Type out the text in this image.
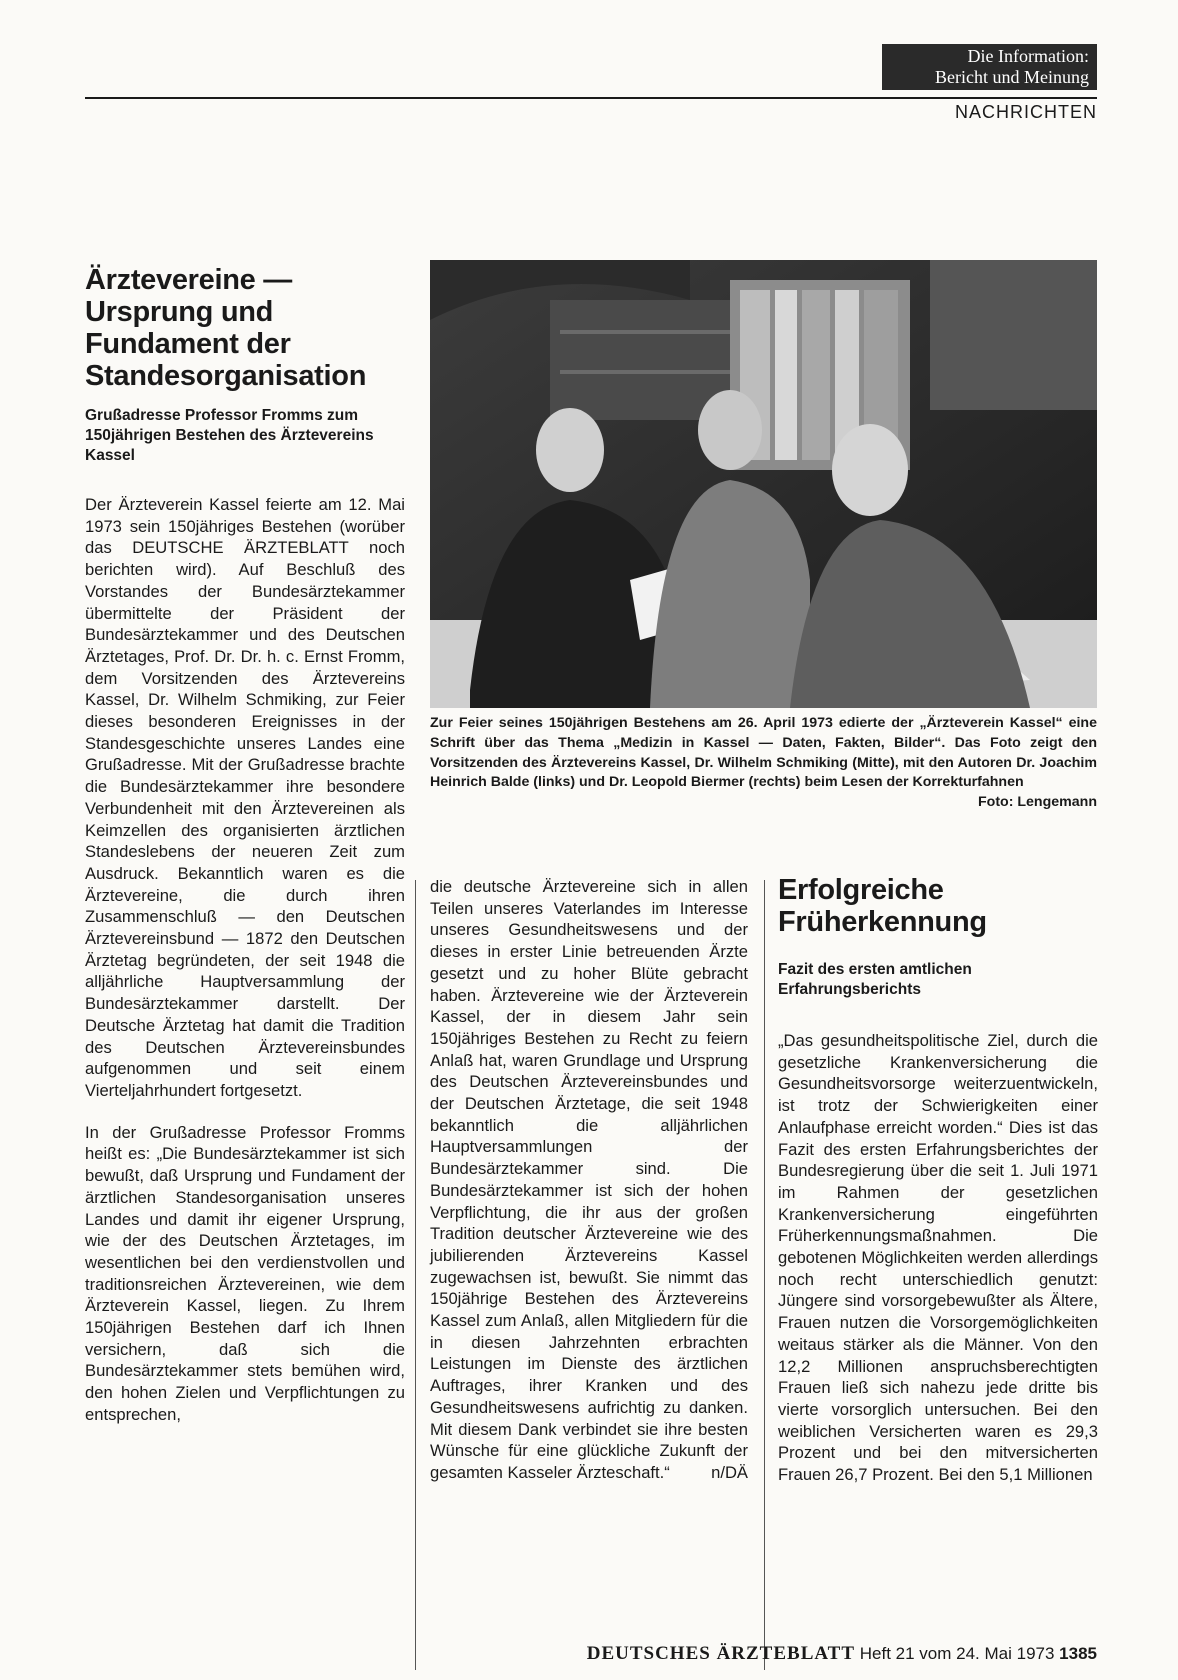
Die Information:
Bericht und Meinung
NACHRICHTEN
Ärztevereine — Ursprung und Fundament der Standesorganisation
Grußadresse Professor Fromms zum 150jährigen Bestehen des Ärztevereins Kassel

Der Ärzteverein Kassel feierte am 12. Mai 1973 sein 150jähriges Bestehen (worüber das DEUTSCHE ÄRZTEBLATT noch berichten wird). Auf Beschluß des Vorstandes der Bundesärztekammer übermittelte der Präsident der Bundesärztekammer und des Deutschen Ärztetages, Prof. Dr. Dr. h. c. Ernst Fromm, dem Vorsitzenden des Ärztevereins Kassel, Dr. Wilhelm Schmiking, zur Feier dieses besonderen Ereignisses in der Standesgeschichte unseres Landes eine Grußadresse. Mit der Grußadresse brachte die Bundesärztekammer ihre besondere Verbundenheit mit den Ärztevereinen als Keimzellen des organisierten ärztlichen Standeslebens der neueren Zeit zum Ausdruck. Bekanntlich waren es die Ärztevereine, die durch ihren Zusammenschluß — den Deutschen Ärztevereinsbund — 1872 den Deutschen Ärztetag begründeten, der seit 1948 die alljährliche Hauptversammlung der Bundesärztekammer darstellt. Der Deutsche Ärztetag hat damit die Tradition des Deutschen Ärztevereinsbundes aufgenommen und seit einem Vierteljahrhundert fortgesetzt.

In der Grußadresse Professor Fromms heißt es: „Die Bundesärztekammer ist sich bewußt, daß Ursprung und Fundament der ärztlichen Standesorganisation unseres Landes und damit ihr eigener Ursprung, wie der des Deutschen Ärztetages, im wesentlichen bei den verdienstvollen und traditionsreichen Ärztevereinen, wie dem Ärzteverein Kassel, liegen. Zu Ihrem 150jährigen Bestehen darf ich Ihnen versichern, daß sich die Bundesärztekammer stets bemühen wird, den hohen Zielen und Verpflichtungen zu entsprechen,

Zur Feier seines 150jährigen Bestehens am 26. April 1973 edierte der „Ärzteverein Kassel“ eine Schrift über das Thema „Medizin in Kassel — Daten, Fakten, Bilder“. Das Foto zeigt den Vorsitzenden des Ärztevereins Kassel, Dr. Wilhelm Schmiking (Mitte), mit den Autoren Dr. Joachim Heinrich Balde (links) und Dr. Leopold Biermer (rechts) beim Lesen der Korrekturfahnen
Foto: Lengemann

die deutsche Ärztevereine sich in allen Teilen unseres Vaterlandes im Interesse unseres Gesundheitswesens und der dieses in erster Linie betreuenden Ärzte gesetzt und zu hoher Blüte gebracht haben. Ärztevereine wie der Ärzteverein Kassel, der in diesem Jahr sein 150jähriges Bestehen zu Recht zu feiern Anlaß hat, waren Grundlage und Ursprung des Deutschen Ärztevereinsbundes und der Deutschen Ärztetage, die seit 1948 bekanntlich die alljährlichen Hauptversammlungen der Bundesärztekammer sind. Die Bundesärztekammer ist sich der hohen Verpflichtung, die ihr aus der großen Tradition deutscher Ärztevereine wie des jubilierenden Ärztevereins Kassel zugewachsen ist, bewußt. Sie nimmt das 150jährige Bestehen des Ärztevereins Kassel zum Anlaß, allen Mitgliedern für die in diesen Jahrzehnten erbrachten Leistungen im Dienste des ärztlichen Auftrages, ihrer Kranken und des Gesundheitswesens aufrichtig zu danken. Mit diesem Dank verbindet sie ihre besten Wünsche für eine glückliche Zukunft der gesamten Kasseler Ärzteschaft.“ n/DÄ

Erfolgreiche Früherkennung
Fazit des ersten amtlichen Erfahrungsberichts

„Das gesundheitspolitische Ziel, durch die gesetzliche Krankenversicherung die Gesundheitsvorsorge weiterzuentwickeln, ist trotz der Schwierigkeiten einer Anlaufphase erreicht worden.“ Dies ist das Fazit des ersten Erfahrungsberichtes der Bundesregierung über die seit 1. Juli 1971 im Rahmen der gesetzlichen Krankenversicherung eingeführten Früherkennungsmaßnahmen. Die gebotenen Möglichkeiten werden allerdings noch recht unterschiedlich genutzt: Jüngere sind vorsorgebewußter als Ältere, Frauen nutzen die Vorsorgemöglichkeiten weitaus stärker als die Männer. Von den 12,2 Millionen anspruchsberechtigten Frauen ließ sich nahezu jede dritte bis vierte vorsorglich untersuchen. Bei den weiblichen Versicherten waren es 29,3 Prozent und bei den mitversicherten Frauen 26,7 Prozent. Bei den 5,1 Millionen

DEUTSCHES ÄRZTEBLATT Heft 21 vom 24. Mai 1973 1385
